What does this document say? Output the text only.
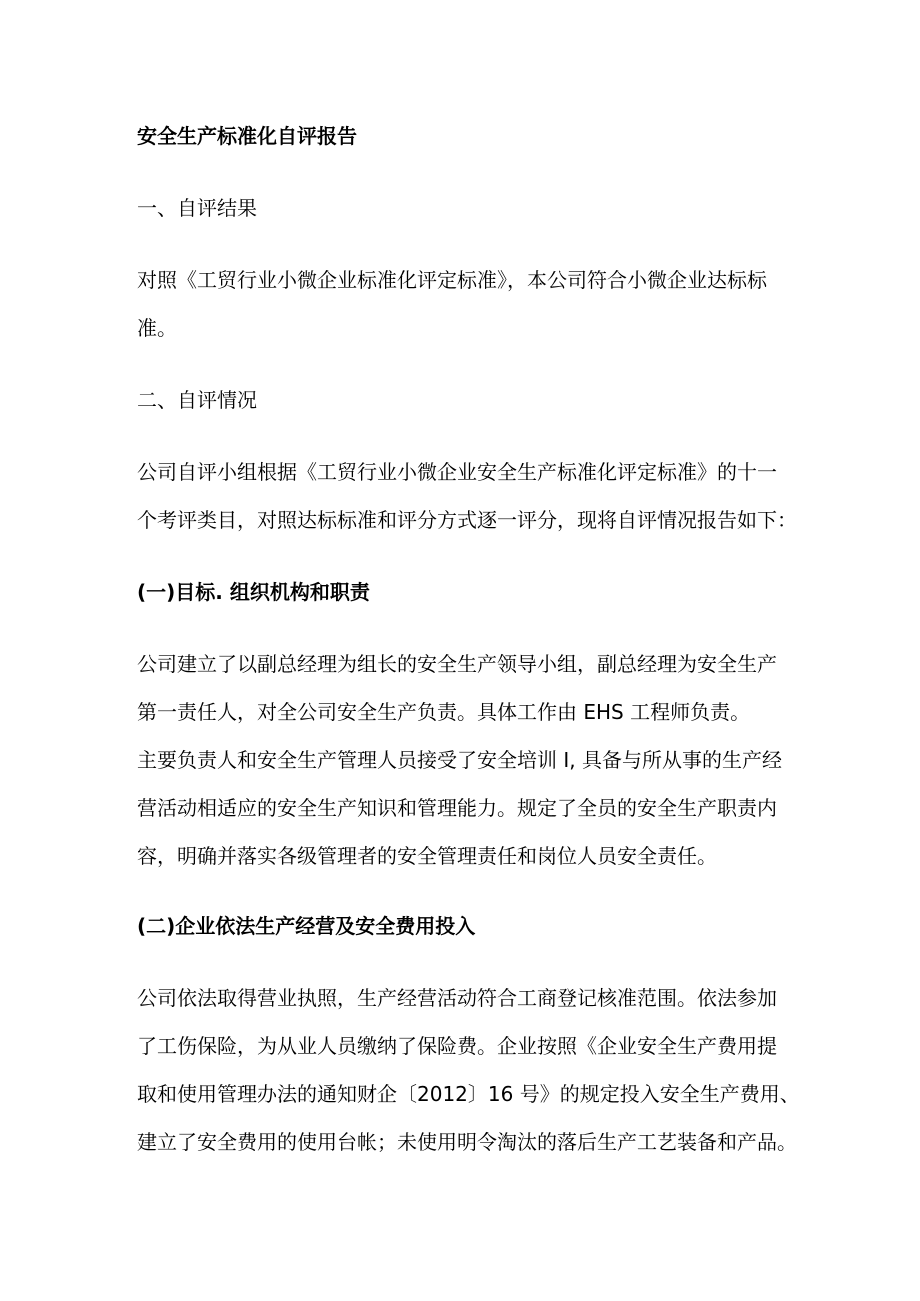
安全生产标准化自评报告

一、自评结果

对照《工贸行业小微企业标准化评定标准》，本公司符合小微企业达标标

准。

二、自评情况

公司自评小组根据《工贸行业小微企业安全生产标准化评定标准》的十一

个考评类目，对照达标标准和评分方式逐一评分，现将自评情况报告如下：

(一)目标. 组织机构和职责

公司建立了以副总经理为组长的安全生产领导小组，副总经理为安全生产

第一责任人，对全公司安全生产负责。具体工作由 EHS 工程师负责。

主要负责人和安全生产管理人员接受了安全培训 I, 具备与所从事的生产经

营活动相适应的安全生产知识和管理能力。规定了全员的安全生产职责内

容，明确并落实各级管理者的安全管理责任和岗位人员安全责任。

(二)企业依法生产经营及安全费用投入

公司依法取得营业执照，生产经营活动符合工商登记核准范围。依法参加

了工伤保险，为从业人员缴纳了保险费。企业按照《企业安全生产费用提

取和使用管理办法的通知财企〔2012〕16 号》的规定投入安全生产费用、

建立了安全费用的使用台帐；未使用明令淘汰的落后生产工艺装备和产品。
